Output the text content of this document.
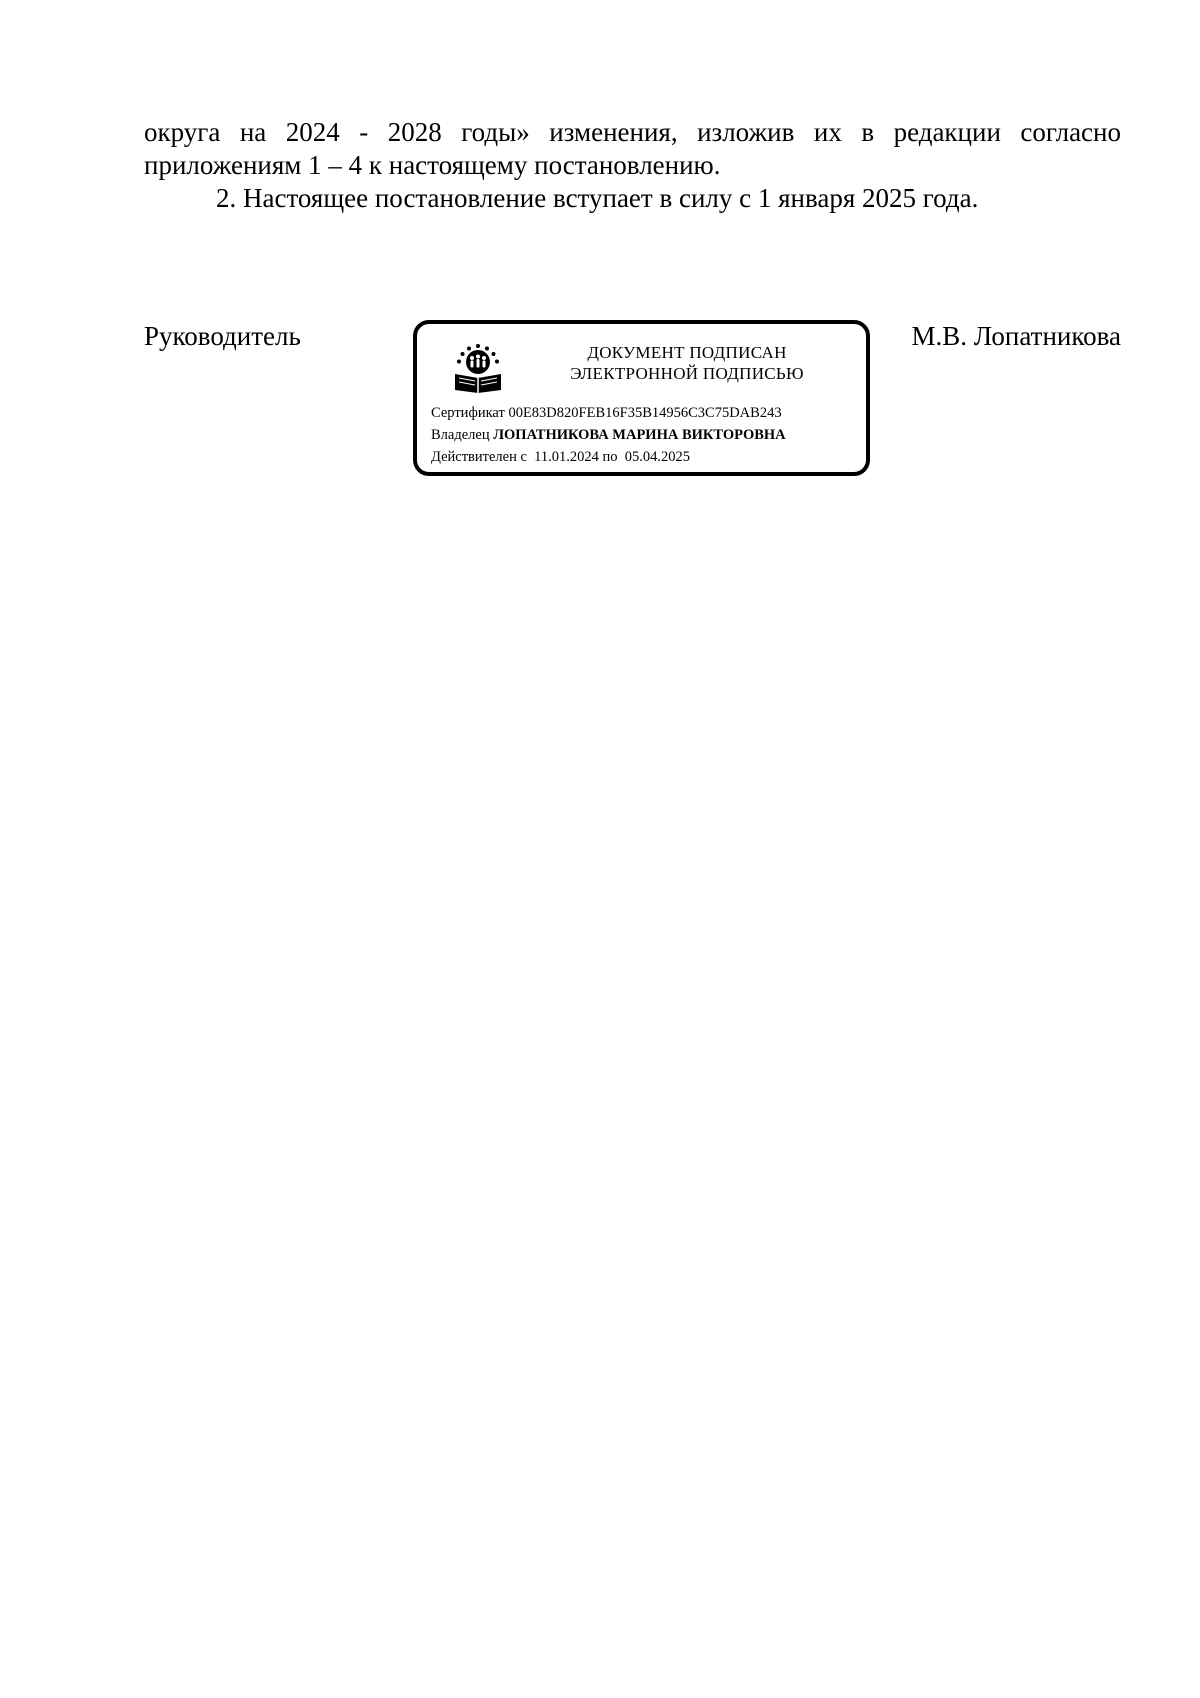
округа на 2024 - 2028 годы» изменения, изложив их в редакции согласно
приложениям 1 – 4 к настоящему постановлению.
2. Настоящее постановление вступает в силу с 1 января 2025 года.
Руководитель
ДОКУМЕНТ ПОДПИСАН
ЭЛЕКТРОННОЙ ПОДПИСЬЮ
Сертификат 00E83D820FEB16F35B14956C3C75DAB243
Владелец ЛОПАТНИКОВА МАРИНА ВИКТОРОВНА
Действителен с 11.01.2024 по 05.04.2025
М.В. Лопатникова
